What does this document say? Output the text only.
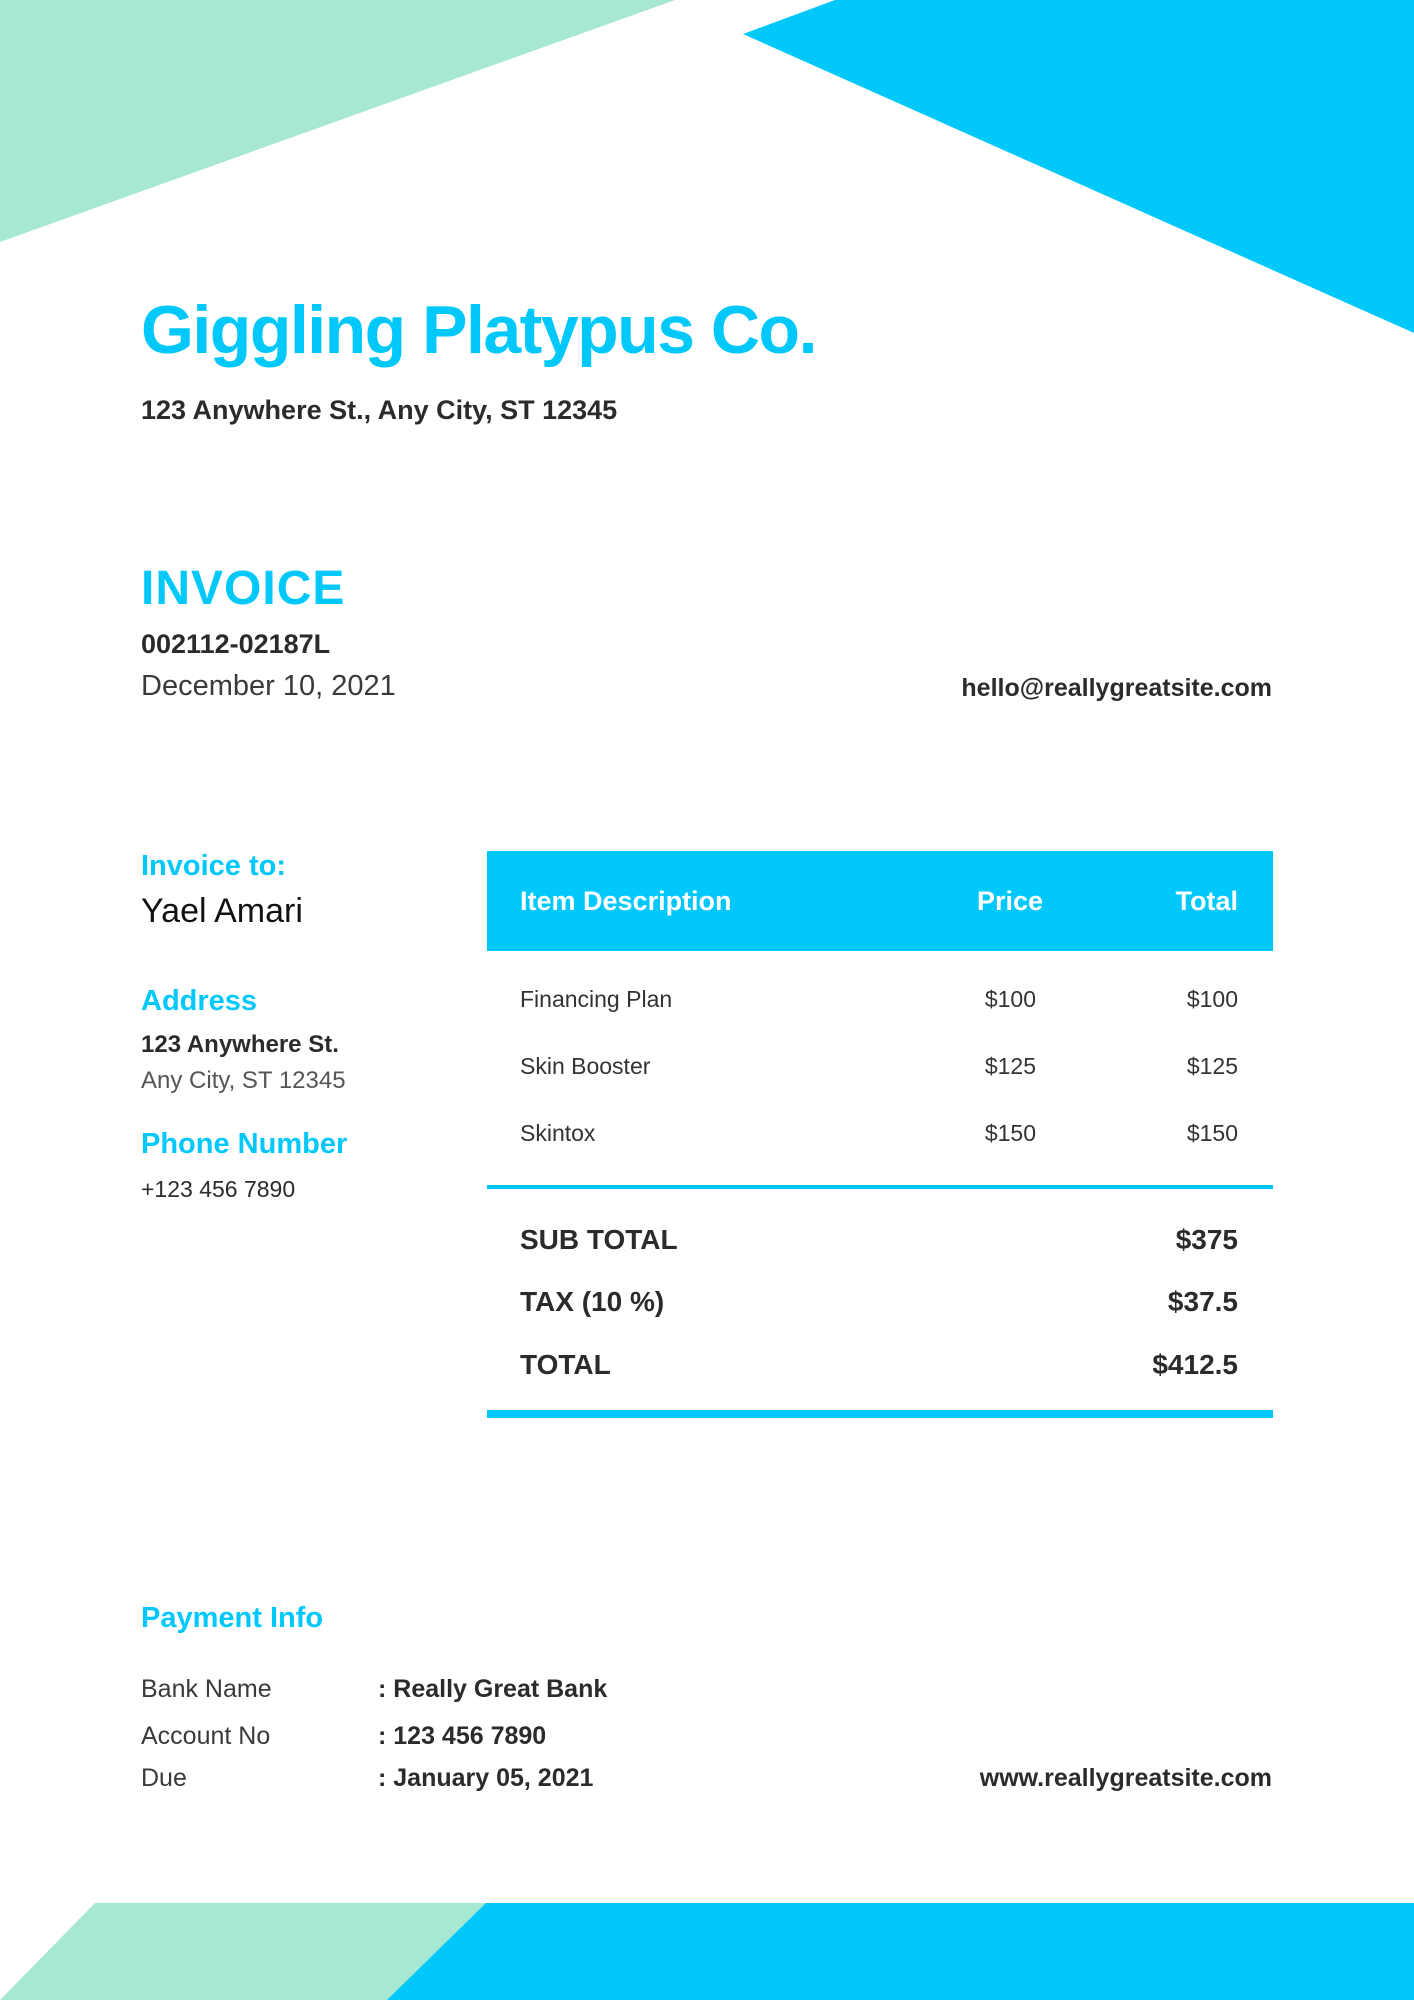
Giggling Platypus Co.
123 Anywhere St., Any City, ST 12345
INVOICE
002112-02187L
December 10, 2021	hello@reallygreatsite.com
Invoice to:
Yael Amari
Address
123 Anywhere St.
Any City, ST 12345
Phone Number
+123 456 7890
Item Description	Price	Total
Financing Plan	$100	$100
Skin Booster	$125	$125
Skintox	$150	$150
SUB TOTAL	$375
TAX (10 %)	$37.5
TOTAL	$412.5
Payment Info
Bank Name	: Really Great Bank
Account No	: 123 456 7890
Due	: January 05, 2021	www.reallygreatsite.com
